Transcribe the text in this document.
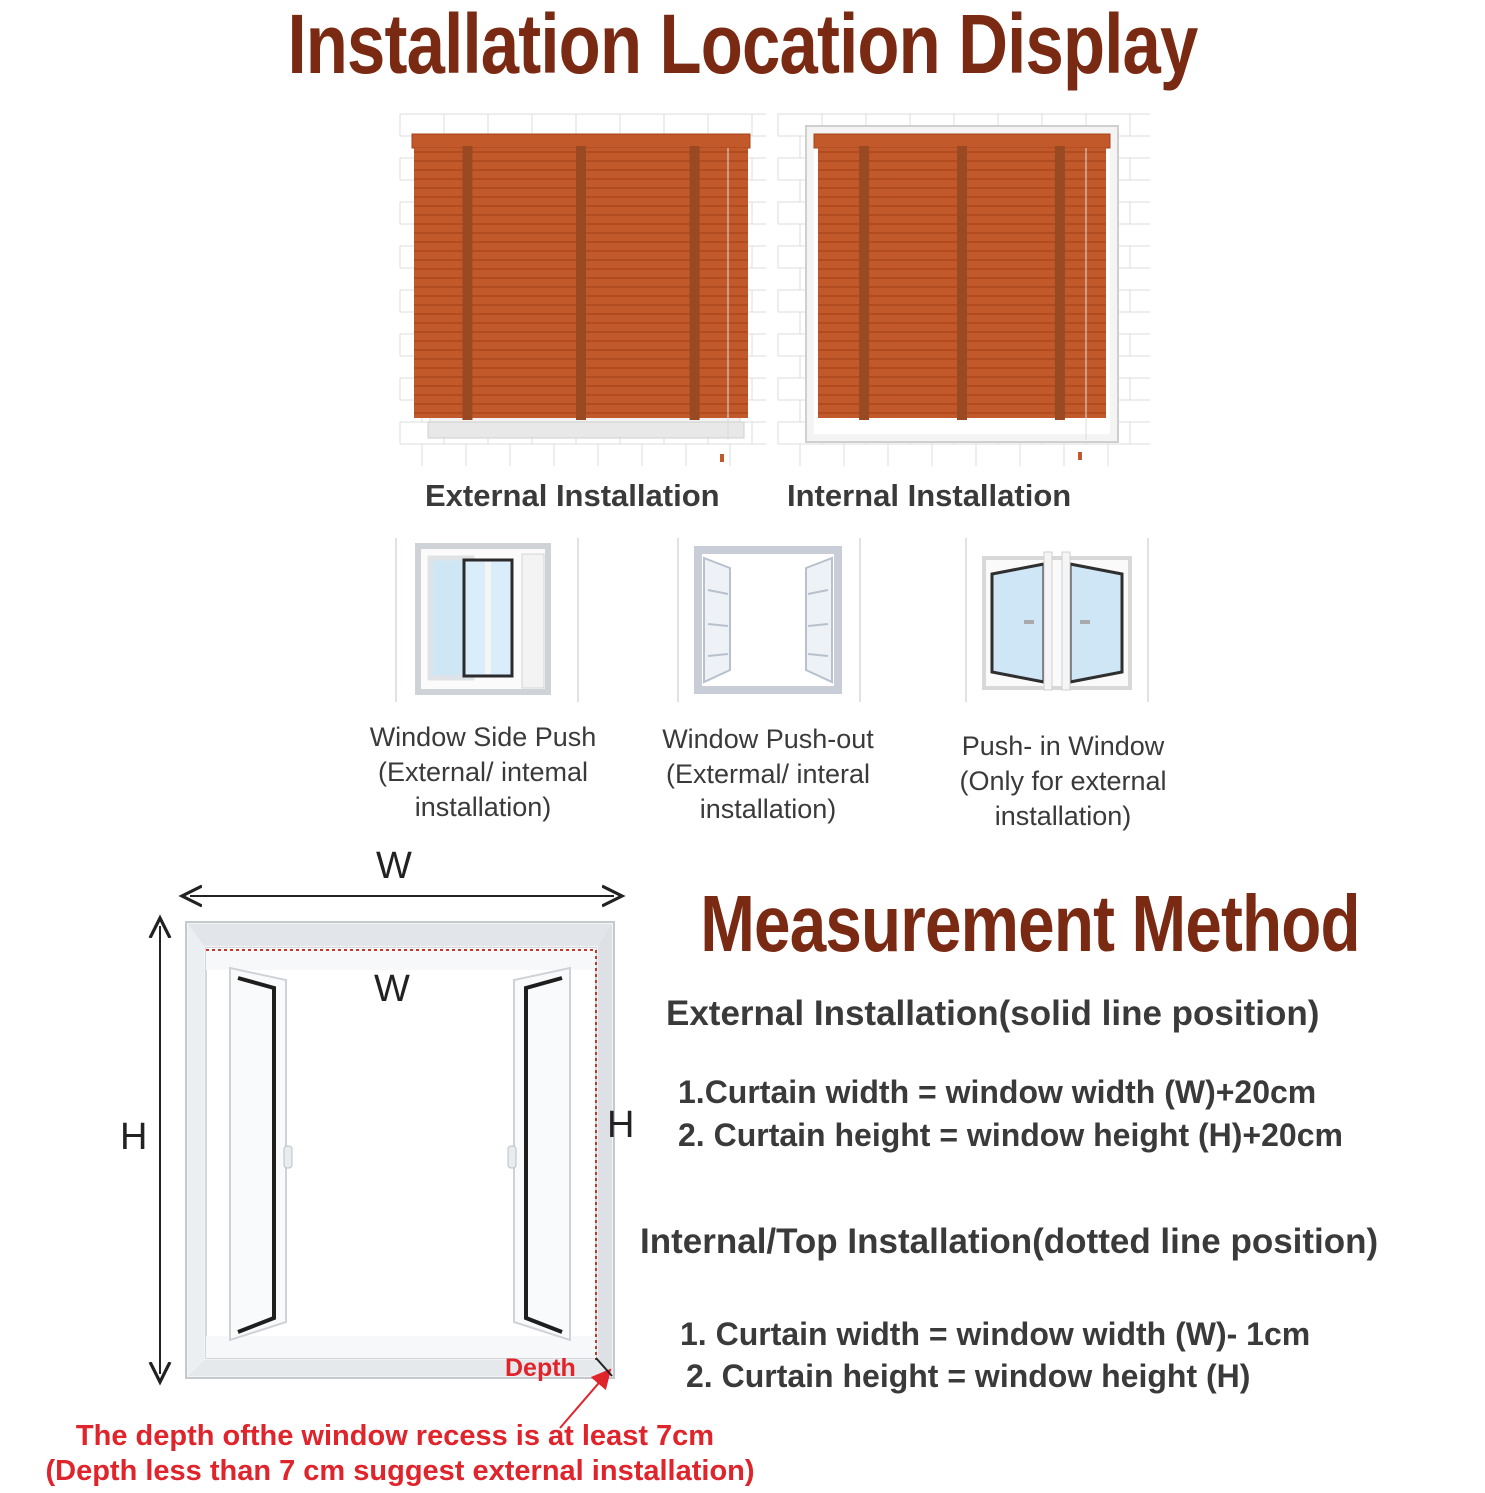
Installation Location Display
External Installation Internal Installation
Window Side Push
(External/ intemal
installation)
Window Push-out
(Extermal/ interal
installation)
Push- in Window
(Only for external
installation)
W
W
H	H
Depth
The depth ofthe window recess is at least 7cm
(Depth less than 7 cm suggest external installation)
Measurement Method
External Installation(solid line position)
1.Curtain width = window width (W)+20cm
2. Curtain height = window height (H)+20cm
Internal/Top Installation(dotted line position)
1. Curtain width = window width (W)- 1cm
2. Curtain height = window height (H)
